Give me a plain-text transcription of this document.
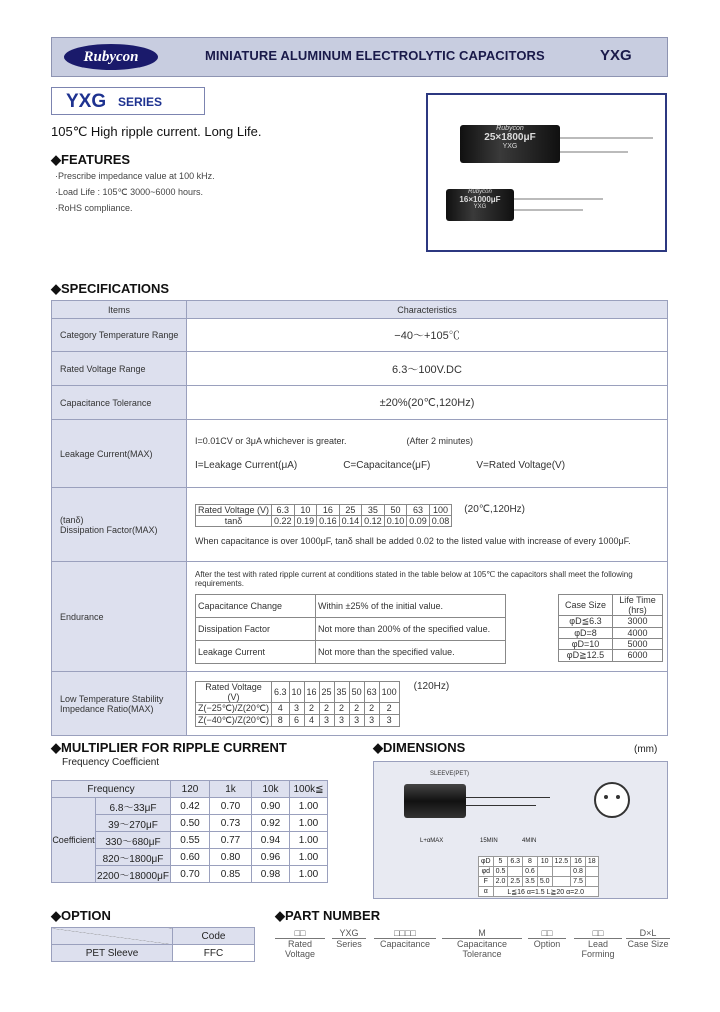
Rubycon	MINIATURE ALUMINUM ELECTROLYTIC CAPACITORS	YXG
YXG SERIES
105℃ High ripple current. Long Life.
◆FEATURES
·Prescribe impedance value at 100 kHz.
·Load Life : 105℃ 3000~6000 hours.
·RoHS compliance.
Rubycon
25×1800μF
YXG
Rubycon
16×1000μF
YXG
◆SPECIFICATIONS
Items	Characteristics
Category Temperature Range	−40～+105℃
Rated Voltage Range	6.3～100V.DC
Capacitance Tolerance	±20%(20℃,120Hz)
Leakage Current(MAX)	
I=0.01CV or 3μA whichever is greater.	(After 2 minutes)
I=Leakage Current(μA)	C=Capacitance(μF)	V=Rated Voltage(V)

(tanδ)
Dissipation Factor(MAX)

Rated Voltage (V)	6.3	10	16	25	35	50	63	100
tanδ	0.22	0.19	0.16	0.14	0.12	0.10	0.09	0.08
(20℃,120Hz)
When capacitance is over 1000μF, tanδ shall be added 0.02 to the listed value with increase of every 1000μF.

Endurance	
After the test with rated ripple current at conditions stated in the table below at 105℃ the capacitors shall meet the following requirements.
Capacitance Change	Within ±25% of the initial value.
Dissipation Factor	Not more than 200% of the specified value.
Leakage Current	Not more than the specified value.
Case Size	Life Time (hrs)
φD≦6.3	3000
φD=8	4000
φD=10	5000
φD≧12.5	6000

Low Temperature Stability
Impedance Ratio(MAX)

Rated Voltage (V)	6.3	10	16	25	35	50	63	100
Z(−25℃)/Z(20℃)	4	3	2	2	2	2	2	2
Z(−40℃)/Z(20℃)	8	6	4	3	3	3	3	3
(120Hz)
◆MULTIPLIER FOR RIPPLE CURRENT
Frequency Coefficient
Frequency		120	1k	10k	100k≦
Coefficient	6.8～33μF	0.42	0.70	0.90	1.00
	39～270μF	0.50	0.73	0.92	1.00
	330～680μF	0.55	0.77	0.94	1.00
	820～1800μF	0.60	0.80	0.96	1.00
	2200～18000μF	0.70	0.85	0.98	1.00
◆DIMENSIONS	(mm)
SLEEVE(PET)
L+αMAX	15MIN	4MIN
φD	5	6.3	8	10	12.5	16	18
φd	0.5		0.6			0.8	
F	2.0	2.5	3.5	5.0		7.5	
α	L≦16 α=1.5 L≧20 α=2.0						
◆OPTION
	Code
PET Sleeve	FFC
◆PART NUMBER
□□
Rated Voltage
YXG
Series
□□□□
Capacitance
M
Capacitance Tolerance
□□
Option
□□
Lead Forming
D×L
Case Size
